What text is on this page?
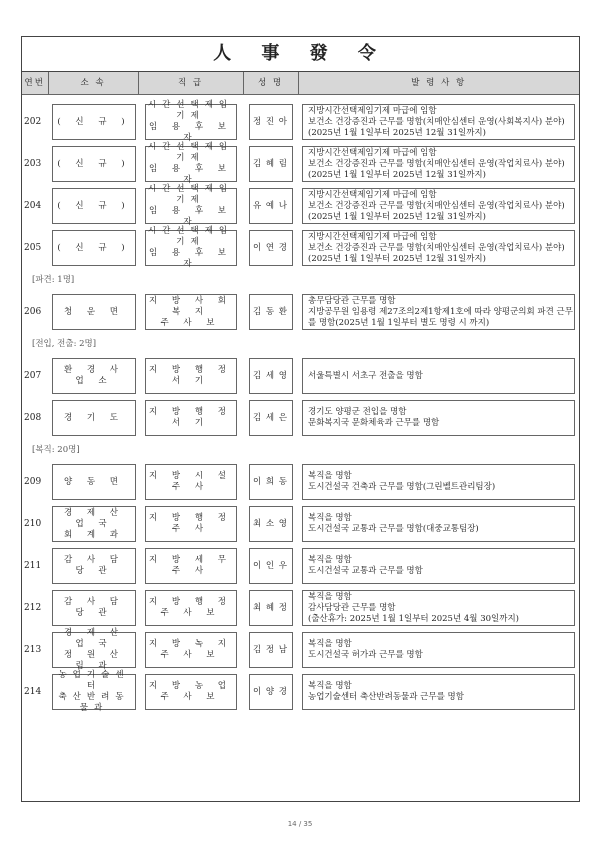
人 事 發 令
연번	소 속	직 급	성 명	발 령 사 항

202	( 신 규 )	시간선택제임기제
임 용 후 보 자	정 진 아	지방시간선택제임기제 마급에 임함
보건소 건강증진과 근무를 명함(치매안심센터 운영(사회복지사) 분야)
(2025년 1월 1일부터 2025년 12월 31일까지)

203	( 신 규 )	시간선택제임기제
임 용 후 보 자	김 혜 림	지방시간선택제임기제 마급에 임함
보건소 건강증진과 근무를 명함(치매안심센터 운영(작업치료사) 분야)
(2025년 1월 1일부터 2025년 12월 31일까지)

204	( 신 규 )	시간선택제임기제
임 용 후 보 자	유 예 나	지방시간선택제임기제 마급에 임함
보건소 건강증진과 근무를 명함(치매안심센터 운영(작업치료사) 분야)
(2025년 1월 1일부터 2025년 12월 31일까지)

205	( 신 규 )	시간선택제임기제
임 용 후 보 자	이 연 경	지방시간선택제임기제 마급에 임함
보건소 건강증진과 근무를 명함(치매안심센터 운영(작업치료사) 분야)
(2025년 1월 1일부터 2025년 12월 31일까지)

[파견: 1명]				
206	청 운 면	지 방 사 회 복 지
주 사 보	김 동 환	총무담당관 근무를 명함
지방공무원 임용령 제27조의2제1항제1호에 따라 양평군의회 파견 근무를 명함(2025년 1월 1일부터 별도 명령 시 까지)

[전입, 전출: 2명]				
207	환 경 사 업 소	지 방 행 정
서 기	김 세 영	서울특별시 서초구 전출을 명함

208	경 기 도	지 방 행 정
서 기	김 세 은	경기도 양평군 전입을 명함
문화복지국 문화체육과 근무를 명함

[복직: 20명]				
209	양 동 면	지 방 시 설
주 사	이 희 동	복직을 명함
도시건설국 건축과 근무를 명함(그린벨트관리팀장)

210	경 제 산 업 국
회 계 과	지 방 행 정
주 사	최 소 영	복직을 명함
도시건설국 교통과 근무를 명함(대중교통팀장)

211	감 사 담 당 관	지 방 세 무
주 사	이 인 우	복직을 명함
도시건설국 교통과 근무를 명함

212	감 사 담 당 관	지 방 행 정
주 사 보	최 혜 정	복직을 명함
감사담당관 근무를 명함
(출산휴가: 2025년 1월 1일부터 2025년 4월 30일까지)

213	경 제 산 업 국
정 원 산 림 과	지 방 녹 지
주 사 보	김 정 남	복직을 명함
도시건설국 허가과 근무를 명함

214	농업기술센터
축산반려동물과	지 방 농 업
주 사 보	이 양 경	복직을 명함
농업기술센터 축산반려동물과 근무를 명함

14 / 35
